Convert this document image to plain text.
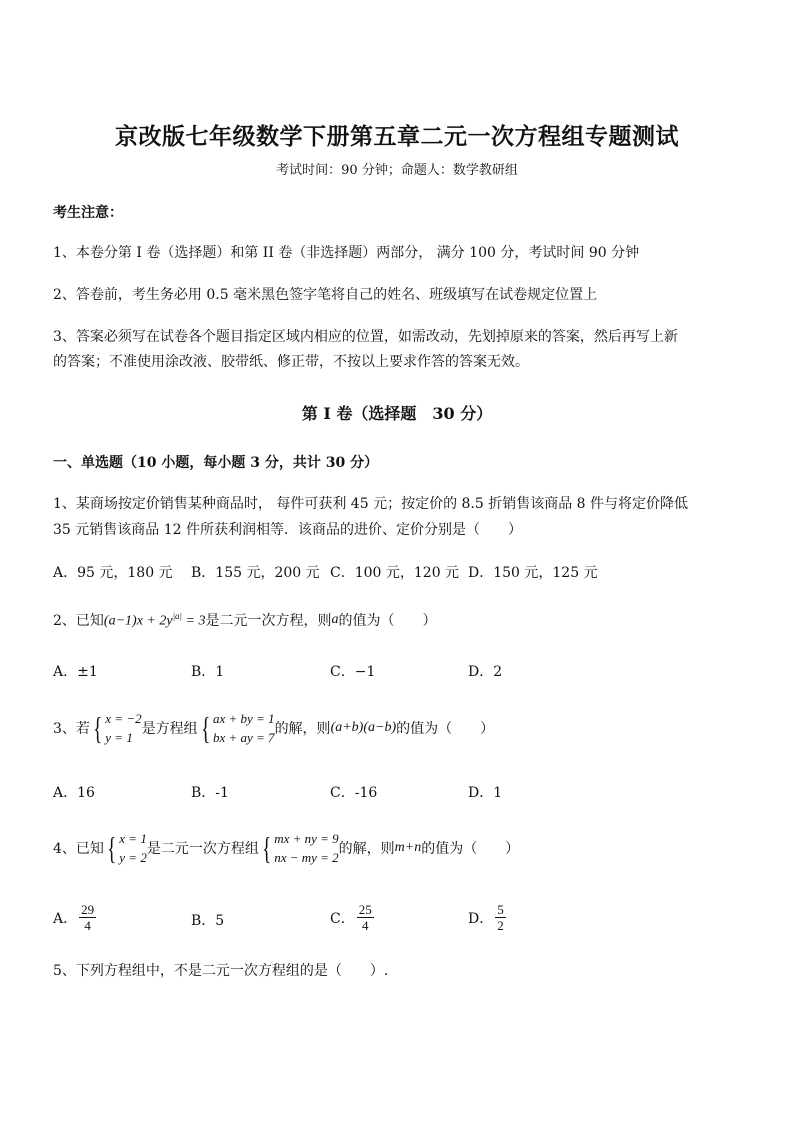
京改版七年级数学下册第五章二元一次方程组专题测试
考试时间：90 分钟；命题人：数学教研组
考生注意：
1、本卷分第 I 卷（选择题）和第 II 卷（非选择题）两部分， 满分 100 分，考试时间 90 分钟
2、答卷前，考生务必用 0.5 毫米黑色签字笔将自己的姓名、班级填写在试卷规定位置上
3、答案必须写在试卷各个题目指定区域内相应的位置，如需改动，先划掉原来的答案，然后再写上新
的答案；不准使用涂改液、胶带纸、修正带，不按以上要求作答的答案无效。
第 I 卷（选择题　30 分）
一、单选题（10 小题，每小题 3 分，共计 30 分）
1、某商场按定价销售某种商品时， 每件可获利 45 元；按定价的 8.5 折销售该商品 8 件与将定价降低
35 元销售该商品 12 件所获利润相等．该商品的进价、定价分别是（　　）
A．95 元，180 元 B．155 元，200 元 C．100 元，120 元 D．150 元，125 元
2、已知 $(a-1)x + 2y^{|a|} = 3$ 是二元一次方程，则 a 的值为（　　）
A．±1	B．1	C．−1	D．2
3、若 { x = −2
y = 1
是方程组 { ax + by = 1
bx + ay = 7
的解，则 (a+b)(a−b) 的值为（　　）
A．16	B．-1	C．-16	D．1
4、已知 { x = 1
y = 2
是二元一次方程组 { mx + ny = 9
nx − my = 2
的解，则 m+n 的值为（　　）
A． $\frac{29}{4}$	B．5	C． $\frac{25}{4}$	D． $\frac{5}{2}$
5、下列方程组中，不是二元一次方程组的是（　　）.
